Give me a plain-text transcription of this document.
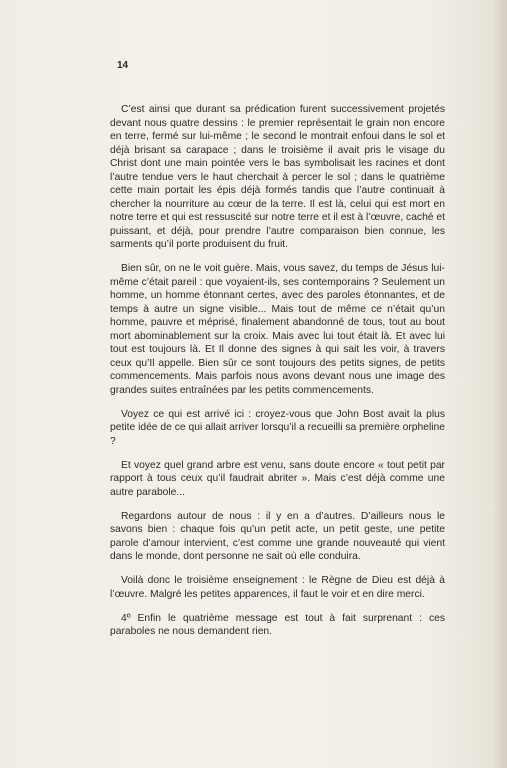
14

C’est ainsi que durant sa prédication furent successivement projetés devant nous quatre dessins : le premier représentait le grain non encore en terre, fermé sur lui-même ; le second le montrait enfoui dans le sol et déjà brisant sa carapace ; dans le troisième il avait pris le visage du Christ dont une main pointée vers le bas symbolisait les racines et dont l’autre tendue vers le haut cherchait à percer le sol ; dans le quatrième cette main portait les épis déjà formés tandis que l’autre continuait à chercher la nourriture au cœur de la terre. Il est là, celui qui est mort en notre terre et qui est ressuscité sur notre terre et il est à l’œuvre, caché et puissant, et déjà, pour prendre l’autre comparaison bien connue, les sarments qu’il porte produisent du fruit.

Bien sûr, on ne le voit guère. Mais, vous savez, du temps de Jésus lui-même c’était pareil : que voyaient-ils, ses contemporains ? Seulement un homme, un homme étonnant certes, avec des paroles étonnantes, et de temps à autre un signe visible... Mais tout de même ce n’était qu’un homme, pauvre et méprisé, finalement abandonné de tous, tout au bout mort abominablement sur la croix. Mais avec lui tout était là. Et avec lui tout est toujours là. Et Il donne des signes à qui sait les voir, à travers ceux qu’Il appelle. Bien sûr ce sont toujours des petits signes, de petits commencements. Mais parfois nous avons devant nous une image des grandes suites entraînées par les petits commencements.

Voyez ce qui est arrivé ici : croyez-vous que John Bost avait la plus petite idée de ce qui allait arriver lorsqu’il a recueilli sa première orpheline ?

Et voyez quel grand arbre est venu, sans doute encore « tout petit par rapport à tous ceux qu’il faudrait abriter ». Mais c’est déjà comme une autre parabole...

Regardons autour de nous : il y en a d’autres. D’ailleurs nous le savons bien : chaque fois qu’un petit acte, un petit geste, une petite parole d’amour intervient, c’est comme une grande nouveauté qui vient dans le monde, dont personne ne sait où elle conduira.

Voilà donc le troisième enseignement : le Règne de Dieu est déjà à l’œuvre. Malgré les petites apparences, il faut le voir et en dire merci.

4º Enfin le quatrième message est tout à fait surprenant : ces paraboles ne nous demandent rien.
